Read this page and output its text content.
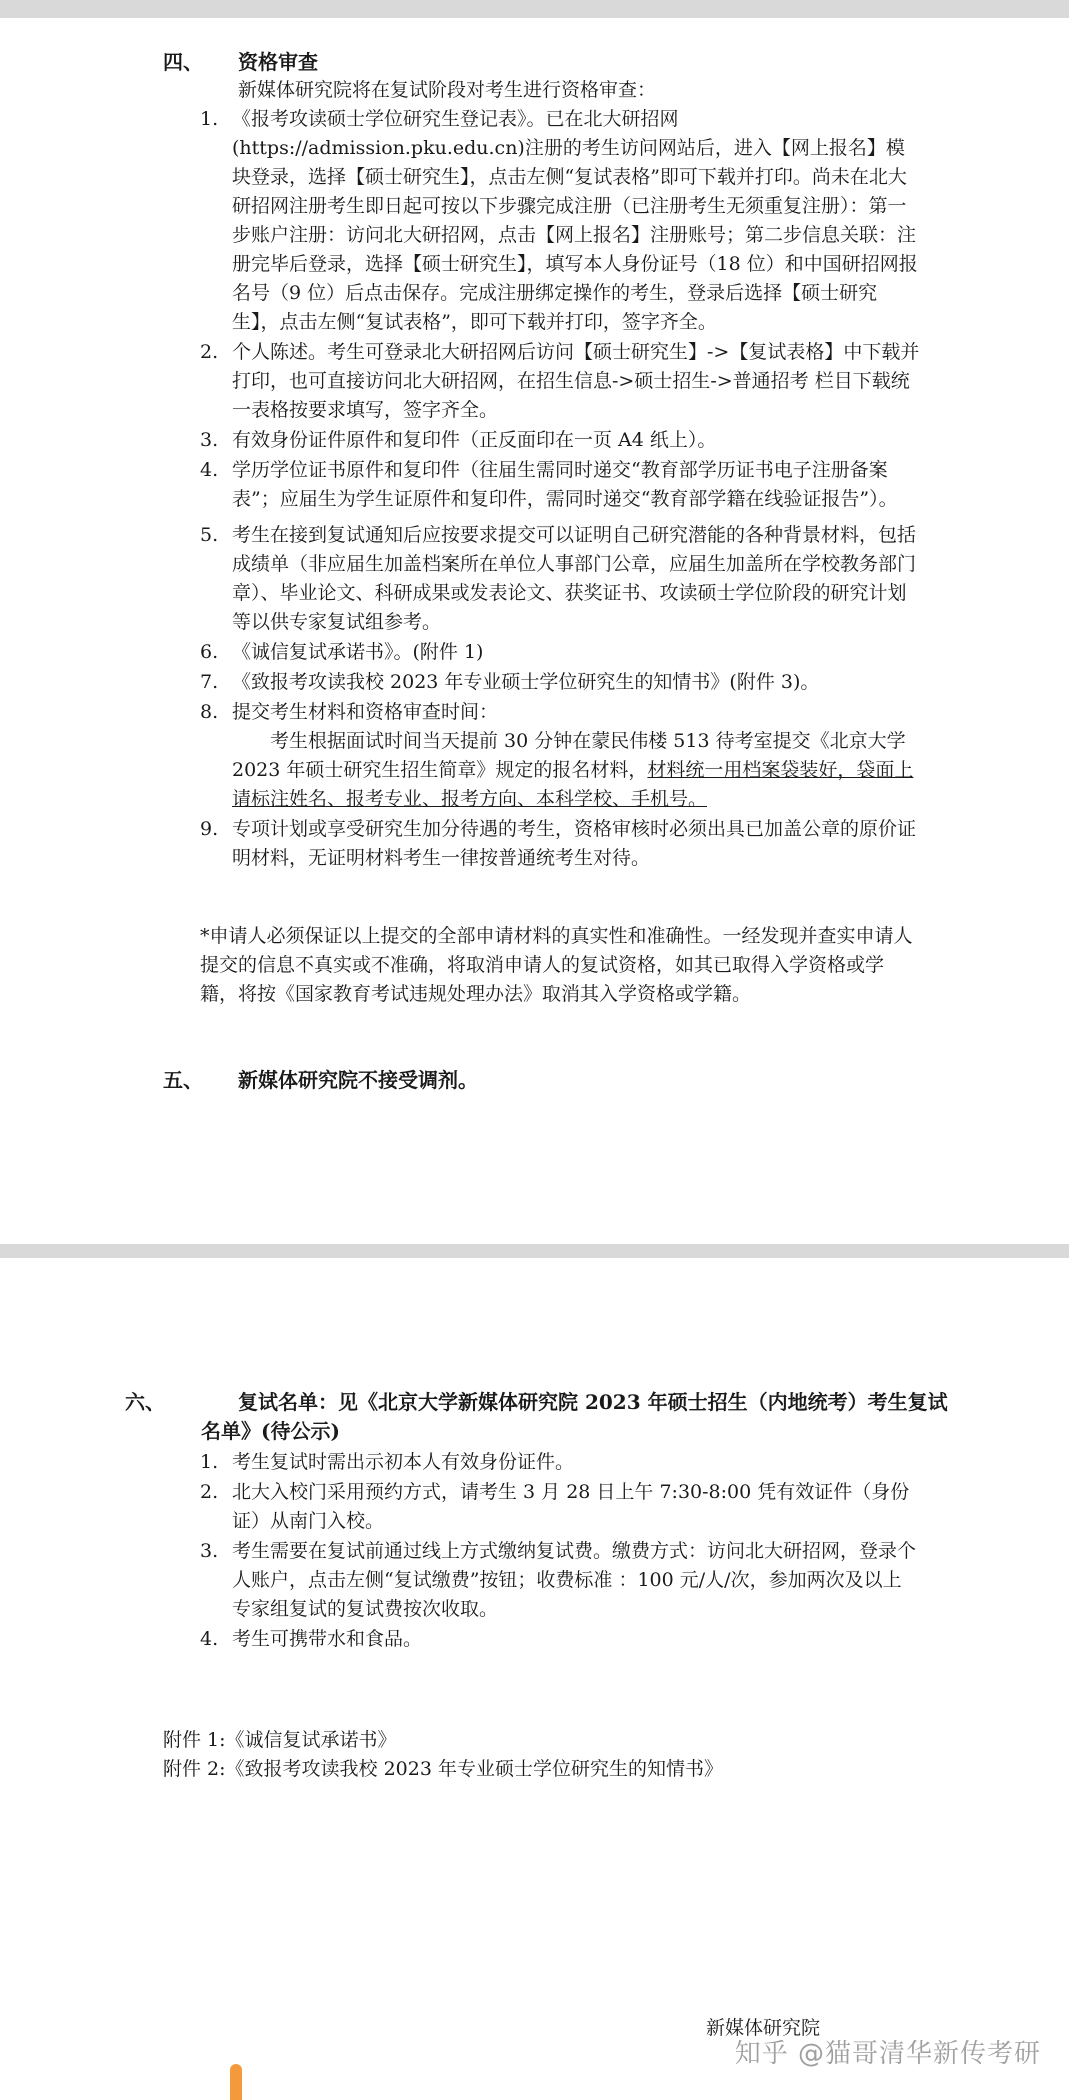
四、 资格审查
新媒体研究院将在复试阶段对考生进行资格审查：
1. 《报考攻读硕士学位研究生登记表》。已在北大研招网(https://admission.pku.edu.cn)注册的考生访问网站后，进入【网上报名】模块登录，选择【硕士研究生】，点击左侧“复试表格”即可下载并打印。尚未在北大研招网注册考生即日起可按以下步骤完成注册（已注册考生无须重复注册）：第一步账户注册：访问北大研招网，点击【网上报名】注册账号；第二步信息关联：注册完毕后登录，选择【硕士研究生】，填写本人身份证号（18 位）和中国研招网报名号（9 位）后点击保存。完成注册绑定操作的考生，登录后选择【硕士研究生】，点击左侧“复试表格”，即可下载并打印，签字齐全。
2. 个人陈述。考生可登录北大研招网后访问【硕士研究生】->【复试表格】中下载并打印，也可直接访问北大研招网，在招生信息->硕士招生->普通招考 栏目下载统一表格按要求填写，签字齐全。
3. 有效身份证件原件和复印件（正反面印在一页 A4 纸上）。
4. 学历学位证书原件和复印件（往届生需同时递交“教育部学历证书电子注册备案表”；应届生为学生证原件和复印件，需同时递交“教育部学籍在线验证报告”）。
5. 考生在接到复试通知后应按要求提交可以证明自己研究潜能的各种背景材料，包括成绩单（非应届生加盖档案所在单位人事部门公章，应届生加盖所在学校教务部门章）、毕业论文、科研成果或发表论文、获奖证书、攻读硕士学位阶段的研究计划等以供专家复试组参考。
6. 《诚信复试承诺书》。(附件 1)
7. 《致报考攻读我校 2023 年专业硕士学位研究生的知情书》(附件 3)。
8. 提交考生材料和资格审查时间：
考生根据面试时间当天提前 30 分钟在蒙民伟楼 513 待考室提交《北京大学 2023 年硕士研究生招生简章》规定的报名材料，材料统一用档案袋装好，袋面上请标注姓名、报考专业、报考方向、本科学校、手机号。
9. 专项计划或享受研究生加分待遇的考生，资格审核时必须出具已加盖公章的原价证明材料，无证明材料考生一律按普通统考生对待。
*申请人必须保证以上提交的全部申请材料的真实性和准确性。一经发现并查实申请人提交的信息不真实或不准确，将取消申请人的复试资格，如其已取得入学资格或学籍，将按《国家教育考试违规处理办法》取消其入学资格或学籍。
五、 新媒体研究院不接受调剂。
六、	复试名单：见《北京大学新媒体研究院 2023 年硕士招生（内地统考）考生复试名单》(待公示)
1. 考生复试时需出示初本人有效身份证件。
2. 北大入校门采用预约方式，请考生 3 月 28 日上午 7:30-8:00 凭有效证件（身份证）从南门入校。
3. 考生需要在复试前通过线上方式缴纳复试费。缴费方式：访问北大研招网，登录个人账户，点击左侧“复试缴费”按钮；收费标准 ：100 元/人/次，参加两次及以上专家组复试的复试费按次收取。
4. 考生可携带水和食品。
附件 1:《诚信复试承诺书》
附件 2:《致报考攻读我校 2023 年专业硕士学位研究生的知情书》
新媒体研究院
知乎 @猫哥清华新传考研
